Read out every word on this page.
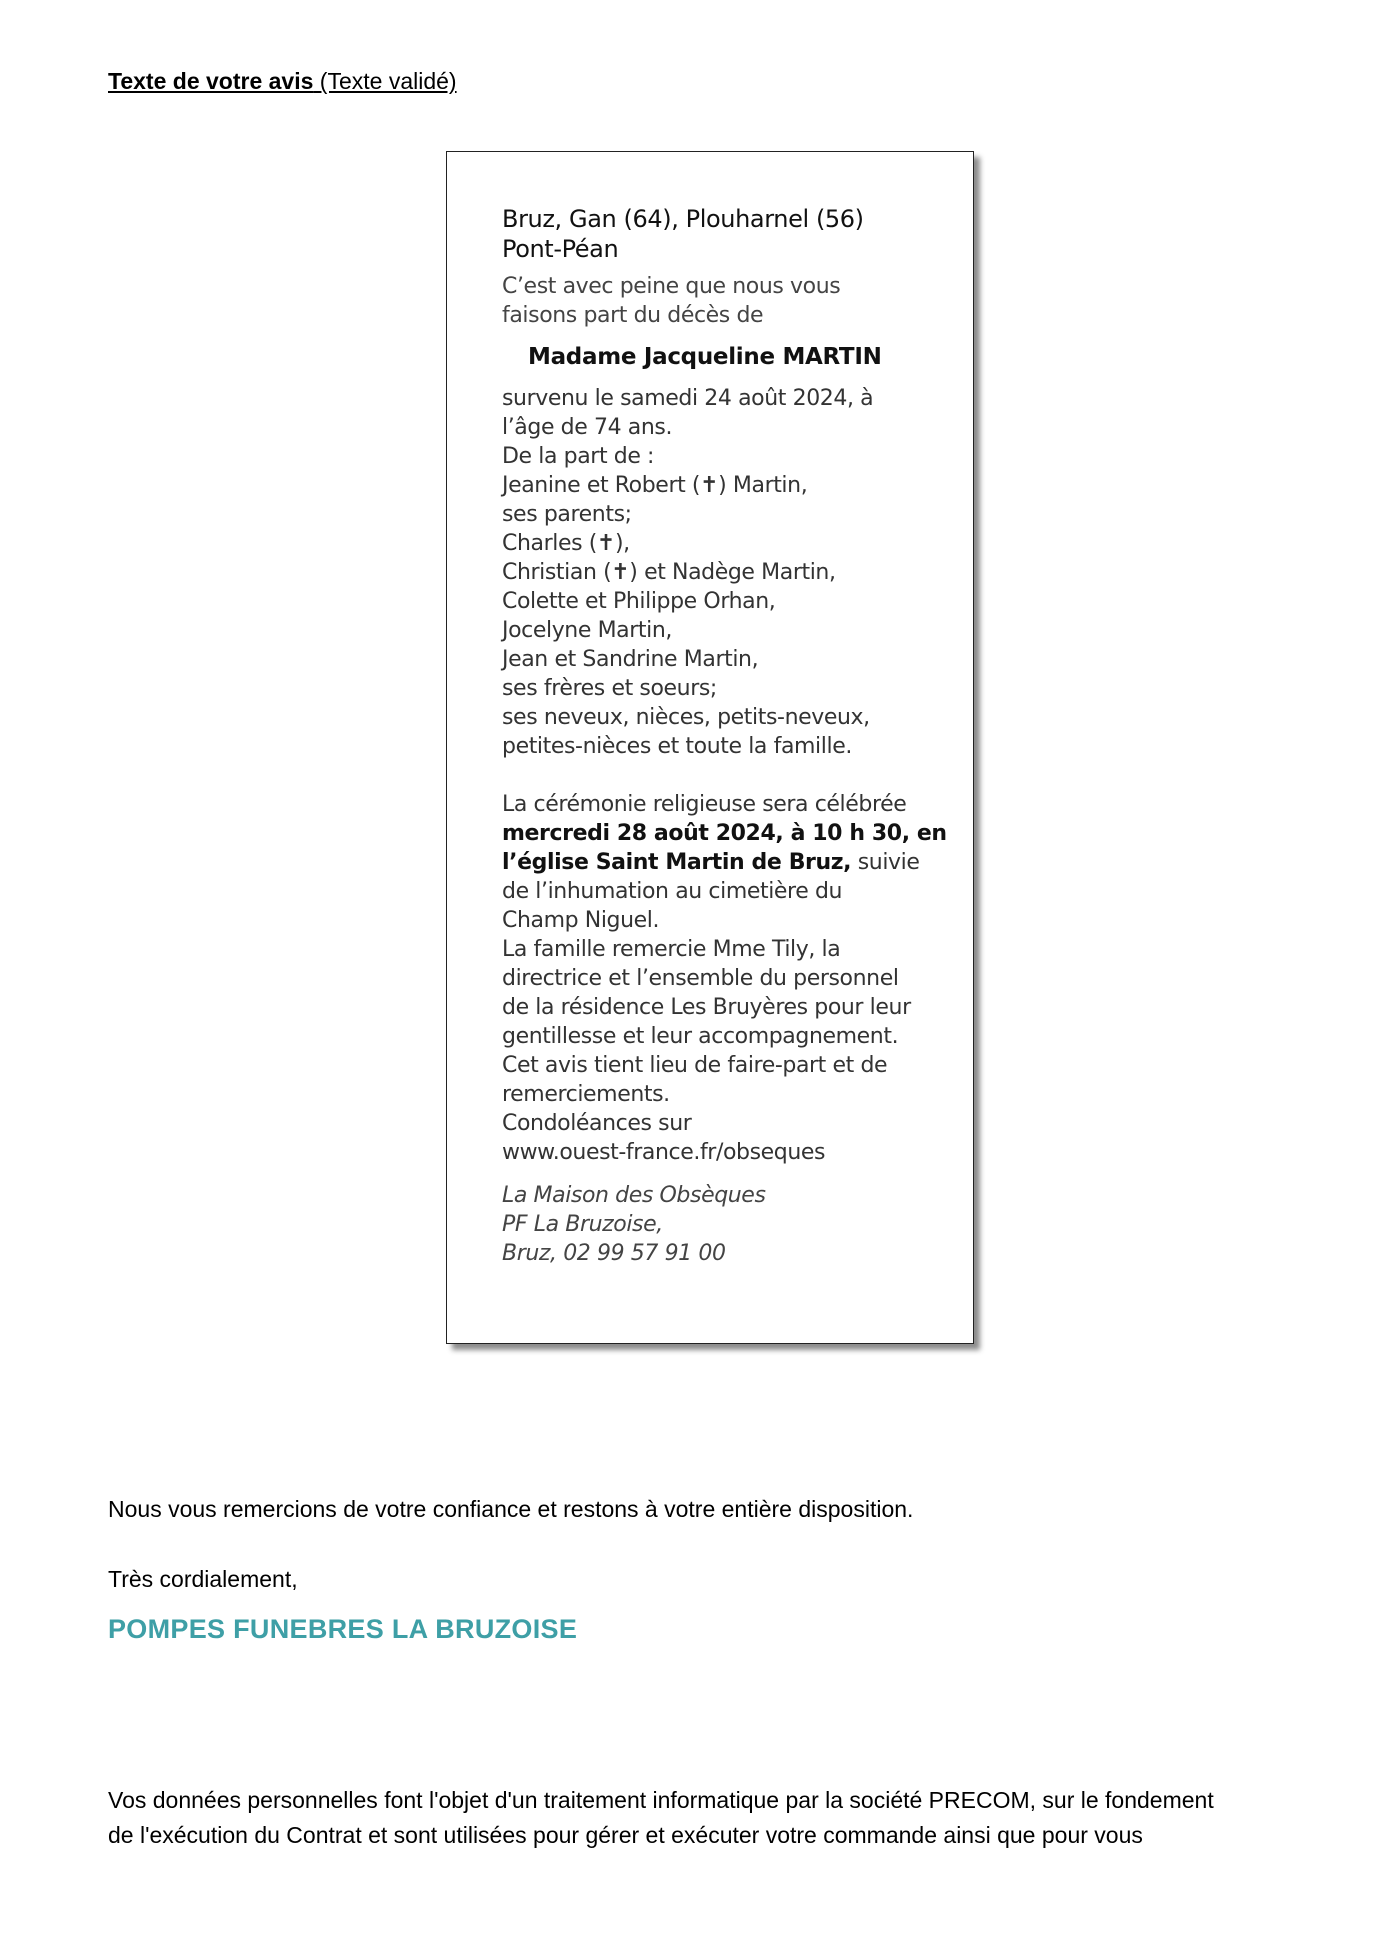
Texte de votre avis (Texte validé)
Bruz, Gan (64), Plouharnel (56)
Pont-Péan
C’est avec peine que nous vous
faisons part du décès de
Madame Jacqueline MARTIN
survenu le samedi 24 août 2024, à
l’âge de 74 ans.
De la part de :
Jeanine et Robert (✝) Martin,
ses parents;
Charles (✝),
Christian (✝) et Nadège Martin,
Colette et Philippe Orhan,
Jocelyne Martin,
Jean et Sandrine Martin,
ses frères et soeurs;
ses neveux, nièces, petits-neveux,
petites-nièces et toute la famille.
La cérémonie religieuse sera célébrée
mercredi 28 août 2024, à 10 h 30, en
l’église Saint Martin de Bruz, suivie
de l’inhumation au cimetière du
Champ Niguel.
La famille remercie Mme Tily, la
directrice et l’ensemble du personnel
de la résidence Les Bruyères pour leur
gentillesse et leur accompagnement.
Cet avis tient lieu de faire-part et de
remerciements.
Condoléances sur
www.ouest-france.fr/obseques
La Maison des Obsèques
PF La Bruzoise,
Bruz, 02 99 57 91 00
Nous vous remercions de votre confiance et restons à votre entière disposition.
Très cordialement,
POMPES FUNEBRES LA BRUZOISE
Vos données personnelles font l'objet d'un traitement informatique par la société PRECOM, sur le fondement
de l'exécution du Contrat et sont utilisées pour gérer et exécuter votre commande ainsi que pour vous
